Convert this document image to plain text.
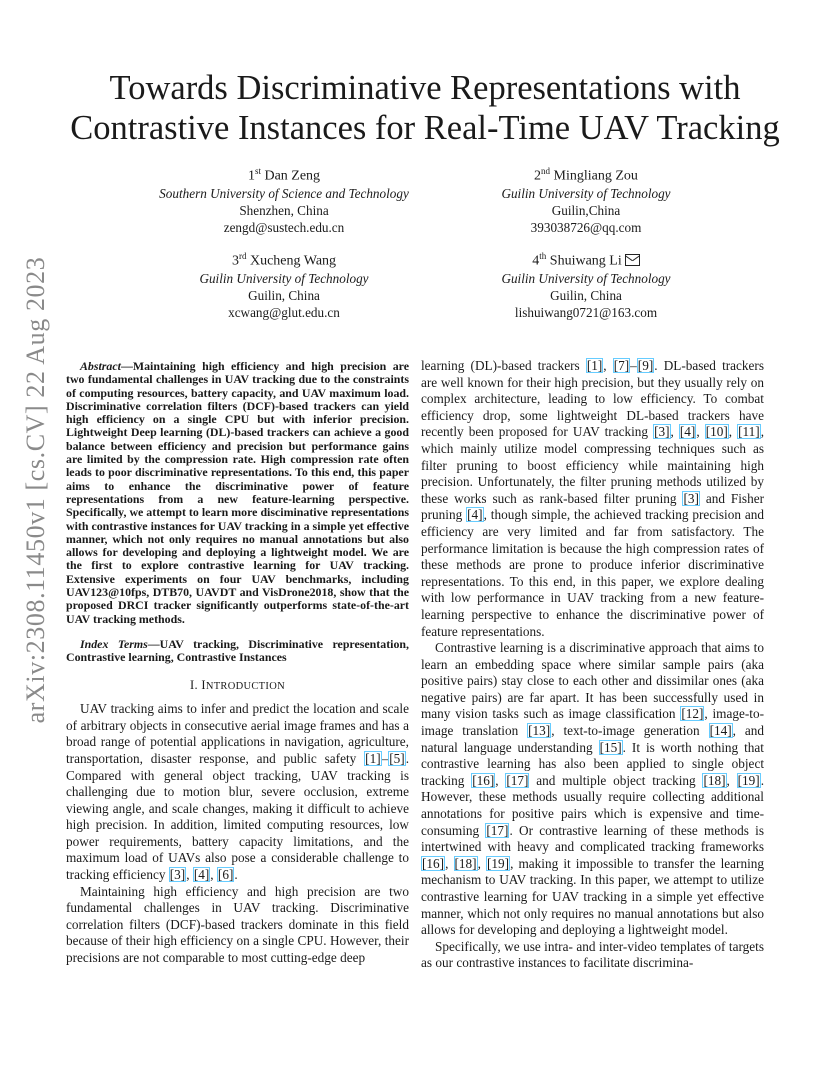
arXiv:2308.11450v1 [cs.CV] 22 Aug 2023
Towards Discriminative Representations with
Contrastive Instances for Real-Time UAV Tracking
1st Dan Zeng
Southern University of Science and Technology
Shenzhen, China
zengd@sustech.edu.cn
2nd Mingliang Zou
Guilin University of Technology
Guilin,China
393038726@qq.com
3rd Xucheng Wang
Guilin University of Technology
Guilin, China
xcwang@glut.edu.cn
4th Shuiwang Li
Guilin University of Technology
Guilin, China
lishuiwang0721@163.com

Abstract—Maintaining high efficiency and high precision are two fundamental challenges in UAV tracking due to the constraints of computing resources, battery capacity, and UAV maximum load. Discriminative correlation filters (DCF)-based trackers can yield high efficiency on a single CPU but with inferior precision. Lightweight Deep learning (DL)-based trackers can achieve a good balance between efficiency and precision but performance gains are limited by the compression rate. High compression rate often leads to poor discriminative representations. To this end, this paper aims to enhance the discriminative power of feature representations from a new feature-learning perspective. Specifically, we attempt to learn more disciminative representations with contrastive instances for UAV tracking in a simple yet effective manner, which not only requires no manual annotations but also allows for developing and deploying a lightweight model. We are the first to explore contrastive learning for UAV tracking. Extensive experiments on four UAV benchmarks, including UAV123@10fps, DTB70, UAVDT and VisDrone2018, show that the proposed DRCI tracker significantly outperforms state-of-the-art UAV tracking methods.

Index Terms—UAV tracking, Discriminative representation, Contrastive learning, Contrastive Instances

I. INTRODUCTION

UAV tracking aims to infer and predict the location and scale of arbitrary objects in consecutive aerial image frames and has a broad range of potential applications in navigation, agriculture, transportation, disaster response, and public safety [1]–[5]. Compared with general object tracking, UAV tracking is challenging due to motion blur, severe occlusion, extreme viewing angle, and scale changes, making it difficult to achieve high precision. In addition, limited computing resources, low power requirements, battery capacity limitations, and the maximum load of UAVs also pose a considerable challenge to tracking efficiency [3], [4], [6].

Maintaining high efficiency and high precision are two fundamental challenges in UAV tracking. Discriminative correlation filters (DCF)-based trackers dominate in this field because of their high efficiency on a single CPU. However, their precisions are not comparable to most cutting-edge deep

learning (DL)-based trackers [1], [7]–[9]. DL-based trackers are well known for their high precision, but they usually rely on complex architecture, leading to low efficiency. To combat efficiency drop, some lightweight DL-based trackers have recently been proposed for UAV tracking [3], [4], [10], [11], which mainly utilize model compressing techniques such as filter pruning to boost efficiency while maintaining high precision. Unfortunately, the filter pruning methods utilized by these works such as rank-based filter pruning [3] and Fisher pruning [4], though simple, the achieved tracking precision and efficiency are very limited and far from satisfactory. The performance limitation is because the high compression rates of these methods are prone to produce inferior discriminative representations. To this end, in this paper, we explore dealing with low performance in UAV tracking from a new feature-learning perspective to enhance the discriminative power of feature representations.

Contrastive learning is a discriminative approach that aims to learn an embedding space where similar sample pairs (aka positive pairs) stay close to each other and dissimilar ones (aka negative pairs) are far apart. It has been successfully used in many vision tasks such as image classification [12], image-to-image translation [13], text-to-image generation [14], and natural language understanding [15]. It is worth nothing that contrastive learning has also been applied to single object tracking [16], [17] and multiple object tracking [18], [19]. However, these methods usually require collecting additional annotations for positive pairs which is expensive and time-consuming [17]. Or contrastive learning of these methods is intertwined with heavy and complicated tracking frameworks [16], [18], [19], making it impossible to transfer the learning mechanism to UAV tracking. In this paper, we attempt to utilize contrastive learning for UAV tracking in a simple yet effective manner, which not only requires no manual annotations but also allows for developing and deploying a lightweight model.

Specifically, we use intra- and inter-video templates of targets as our contrastive instances to facilitate discrimina-
